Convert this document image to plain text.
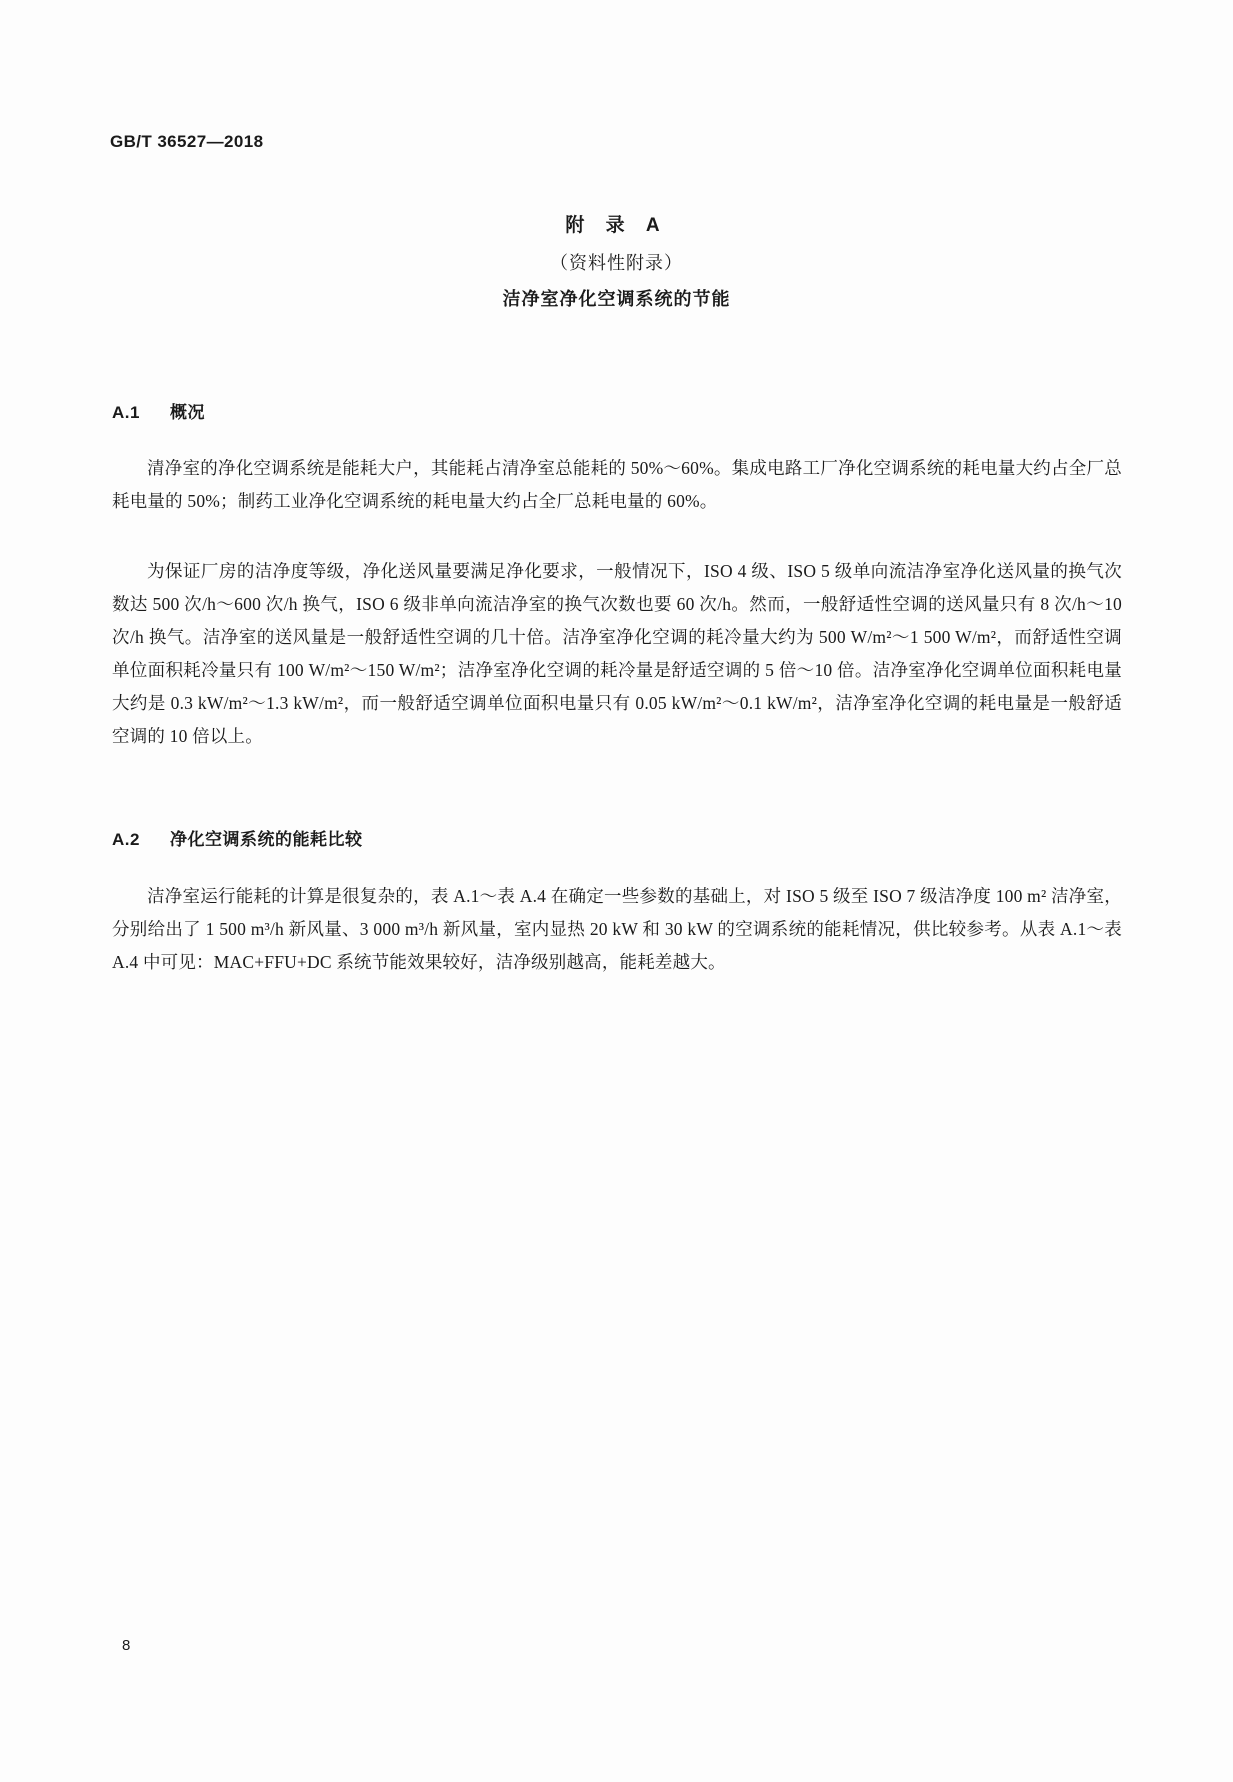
GB/T 36527—2018
附 录 A
（资料性附录）
洁净室净化空调系统的节能
A.1 概况

清净室的净化空调系统是能耗大户，其能耗占清净室总能耗的 50%～60%。集成电路工厂净化空调系统的耗电量大约占全厂总耗电量的 50%；制药工业净化空调系统的耗电量大约占全厂总耗电量的 60%。

为保证厂房的洁净度等级，净化送风量要满足净化要求，一般情况下，ISO 4 级、ISO 5 级单向流洁净室净化送风量的换气次数达 500 次/h～600 次/h 换气，ISO 6 级非单向流洁净室的换气次数也要 60 次/h。然而，一般舒适性空调的送风量只有 8 次/h～10 次/h 换气。洁净室的送风量是一般舒适性空调的几十倍。洁净室净化空调的耗冷量大约为 500 W/m²～1 500 W/m²，而舒适性空调单位面积耗冷量只有 100 W/m²～150 W/m²；洁净室净化空调的耗冷量是舒适空调的 5 倍～10 倍。洁净室净化空调单位面积耗电量大约是 0.3 kW/m²～1.3 kW/m²，而一般舒适空调单位面积电量只有 0.05 kW/m²～0.1 kW/m²，洁净室净化空调的耗电量是一般舒适空调的 10 倍以上。

A.2 净化空调系统的能耗比较

洁净室运行能耗的计算是很复杂的，表 A.1～表 A.4 在确定一些参数的基础上，对 ISO 5 级至 ISO 7 级洁净度 100 m² 洁净室，分别给出了 1 500 m³/h 新风量、3 000 m³/h 新风量，室内显热 20 kW 和 30 kW 的空调系统的能耗情况，供比较参考。从表 A.1～表 A.4 中可见：MAC+FFU+DC 系统节能效果较好，洁净级别越高，能耗差越大。

8
